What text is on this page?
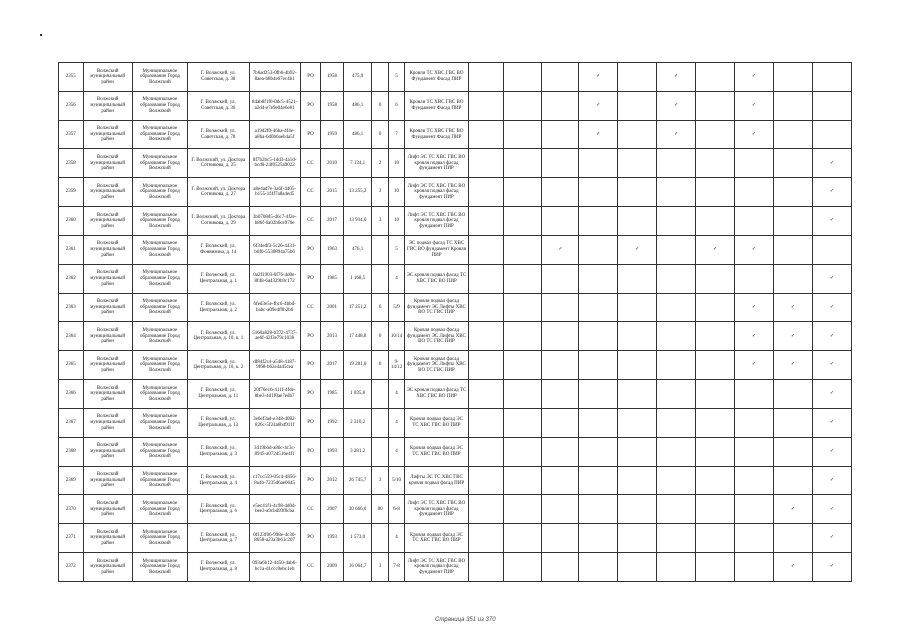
2355	Волжский муниципальный район	Муниципальное образование Город Волжский	Г. Волжский, ул. Советская, д. 38	7b6ad253-0fb6-4b92-8aea-b8b4e67ec4b1	РО	1958	475,9		5	Кровли ТС ХВС ГВС ВО Фундамент Фасад ПИР				✓		✓		✓		
2356	Волжский муниципальный район	Муниципальное образование Город Волжский	Г. Волжский, ул. Советская, д. 36	84ab8f1f0-0dc5-4521-a2d4-e7e9e04e6e81	РО	1958	486,1	0	6	Кровли ТС ХВС ГВС ВО Фундамент Фасад ПИР				✓		✓		✓		
2357	Волжский муниципальный район	Муниципальное образование Город Волжский	Г. Волжский, ул. Советская, д. 78	a19d2f0-46ba-4f4e-a8ba-6d0b6aeb4a5f	РО	1959	486,1	0	7	Кровли ТС ХВС ГВС ВО Фундамент Фасад ПИР				✓		✓		✓		
2358	Волжский муниципальный район	Муниципальное образование Город Волжский	Г. Волжский, ул. Доктора Сотникова, д. 25	8f7b2bc5-1dd3-4a1d-bcd0-24f0525a9022	СС	2010	7 134,1	2	10	Лифт ЭС ТС ХВС ГВС ВО кровля подвал фасад фундамент ПИР										✓
2359	Волжский муниципальный район	Муниципальное образование Город Волжский	Г. Волжский, ул. Доктора Сотникова, д. 27	a8e4ad7e-3a6f-4405-b155-1f4f7a8a4ed5	СС	2015	13 255,2	3	10	Лифт ЭС ТС ХВС ГВС ВО кровля подвал фасад фундамент ПИР										✓
2360	Волжский муниципальный район	Муниципальное образование Город Волжский	Г. Волжский, ул. Доктора Сотникова, д. 29	3b0708d5-d6c7-4f2e-b86f-6a02b6ce976e	СС	2017	13 934,0	3	10	Лифт ЭС ТС ХВС ГВС ВО кровля подвал фасад фундамент ПИР										✓
2361	Волжский муниципальный район	Муниципальное образование Город Волжский	Г. Волжский, ул. Фонвизина, д. 14	6f34edf3-5c26-4431-b6f0-5530894a75b6	РО	1963	476,1		5	ЭС подвал фасад ТС ХВС ГВС ВО фундамент Кровля ПИР			✓		✓		✓	✓		
2362	Волжский муниципальный район	Муниципальное образование Город Волжский	Г. Волжский, ул. Центральная, д. 1	0a2f1903-6f76-4d0e-8f48-6a4329b9c172	РО	1985	1 168,5		4	ЭС кровля подвал фасад ТС ХВС ГВС ВО ПИР										✓
2363	Волжский муниципальный район	Муниципальное образование Город Волжский	Г. Волжский, ул. Центральная, д. 2	6fed3e5e-fbc6-4bbd-babc-a09e4f9b2b6	СС	2001	17 251,2	6	5/9	Кровля подвал фасад фундамент ЭС Лифты ХВС ВО ТС ГВС ПИР								✓	✓	✓
2364	Волжский муниципальный район	Муниципальное образование Город Волжский	Г. Волжский, ул. Центральная, д. 10, к. 1	5160a828-b372-4737-ae6f-d2f3e79c1038	РО	2013	17 448,8	0	10/14	Кровля подвал фасад фундамент ЭС Лифты ХВС ВО ТС ГВС ПИР								✓	✓	✓
2365	Волжский муниципальный район	Муниципальное образование Город Волжский	Г. Волжский, ул. Центральная, д. 10, к. 2	df84f2c4-a548-4187-9f68-b62e4a45cea	РО	2017	19 281,0	0	9-14/12	Кровля подвал фасад фундамент ЭС Лифты ХВС ВО ТС ГВС ПИР								✓	✓	✓
2366	Волжский муниципальный район	Муниципальное образование Город Волжский	Г. Волжский, ул. Центральная, д. 11	20f76e16-411f-4fde-8be3-4d1f0ae7edb7	РО	1985	1 035,8		4	ЭС кровля подвал фасад ТС ХВС ГВС ВО ПИР										✓
2367	Волжский муниципальный район	Муниципальное образование Город Волжский	Г. Волжский, ул. Центральная, д. 13	3e6ef3ad-e348-4082-826c-5f24a6b4911f	РО	1992	2 310,2		4	Кровля подвал фасад ЭС ТС ХВС ГВС ВО ПИР										✓
2368	Волжский муниципальный район	Муниципальное образование Город Волжский	Г. Волжский, ул. Центральная, д. 3	3419b6d-a80c-4c3c-8945-a072d516e4f1	РО	1993	3 281,2		4	Кровля подвал фасад ЭС ТС ХВС ГВС ВО ПИР										✓
2369	Волжский муниципальный район	Муниципальное образование Город Волжский	Г. Волжский, ул. Центральная, д. 4	c17cc559-05c4-4856-8a4b-7235d6ae0645	РО	2012	26 745,7	3	5/10	Лифты ЭС ТС ХВС ГВС кровля подвал фасад ПИР										✓
2370	Волжский муниципальный район	Муниципальное образование Город Волжский	Г. Волжский, ул. Центральная, д. 6	e5ec41f1-4c98-4d0d-bee3-a9cbd93f0cba	СС	2007	30 666,0	80	6-8	Лифт ЭС ТС ХВС ГВС ВО кровля подвал фасад фундамент ПИР									✓	✓
2371	Волжский муниципальный район	Муниципальное образование Город Волжский	Г. Волжский, ул. Центральная, д. 7	0f123f06-998e-4c36-8658-a23a3b61c207	РО	1993	1 573,0		4	Кровля подвал фасад ЭС ТС ХВС ГВС ВО ПИР										✓
2372	Волжский муниципальный район	Муниципальное образование Город Волжский	Г. Волжский, ул. Центральная, д. 8	093a6b12-4450-4ab6-bc1a-d1ccc0ebc1eb	СС	2009	16 064,7	3	7-8	Лифт ЭС ТС ХВС ГВС ВО кровля подвал фасад фундамент ПИР									✓	✓
Страница 351 из 370
